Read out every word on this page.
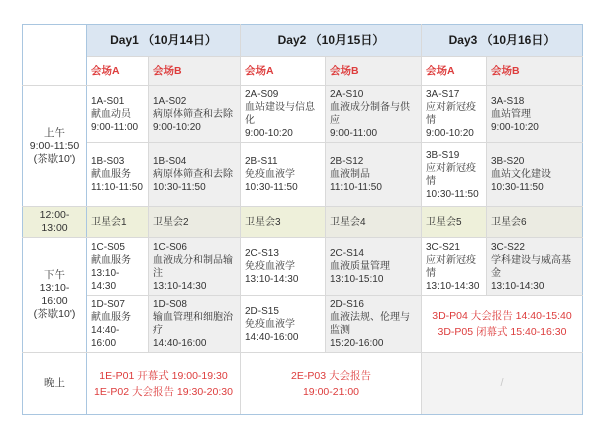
	Day1 （10月14日）		Day2 （10月15日）		Day3 （10月16日）	
	会场A	会场B	会场A	会场B	会场A	会场B

上午
9:00-11:50
(茶歇10')	1A-S01
献血动员
9:00-11:00	1A-S02
病原体筛查和去除
9:00-10:20	2A-S09
血站建设与信息化
9:00-10:20	2A-S10
血液成分制备与供应
9:00-11:00	3A-S17
应对新冠疫情
9:00-10:20	3A-S18
血站管理
9:00-10:20

	1B-S03
献血服务
11:10-11:50	1B-S04
病原体筛查和去除
10:30-11:50	2B-S11
免疫血液学
10:30-11:50	2B-S12
血液制品
11:10-11:50	3B-S19
应对新冠疫情
10:30-11:50	3B-S20
血站文化建设
10:30-11:50

12:00-13:00	卫星会1	卫星会2	卫星会3	卫星会4	卫星会5	卫星会6

下午
13:10-16:00
(茶歇10')	1C-S05
献血服务
13:10-14:30	1C-S06
血液成分和制品输注
13:10-14:30	2C-S13
免疫血液学
13:10-14:30	2C-S14
血液质量管理
13:10-15:10	3C-S21
应对新冠疫情
13:10-14:30	3C-S22
学科建设与威高基金
13:10-14:30

	1D-S07
献血服务
14:40-16:00	1D-S08
输血管理和细胞治疗
14:40-16:00	2D-S15
免疫血液学
14:40-16:00	2D-S16
血液法规、伦理与监测
15:20-16:00	3D-P04 大会报告 14:40-15:40
3D-P05 闭幕式 15:40-16:30	

晚上	1E-P01 开幕式 19:00-19:30
1E-P02 大会报告 19:30-20:30		2E-P03 大会报告
19:00-21:00		/	
